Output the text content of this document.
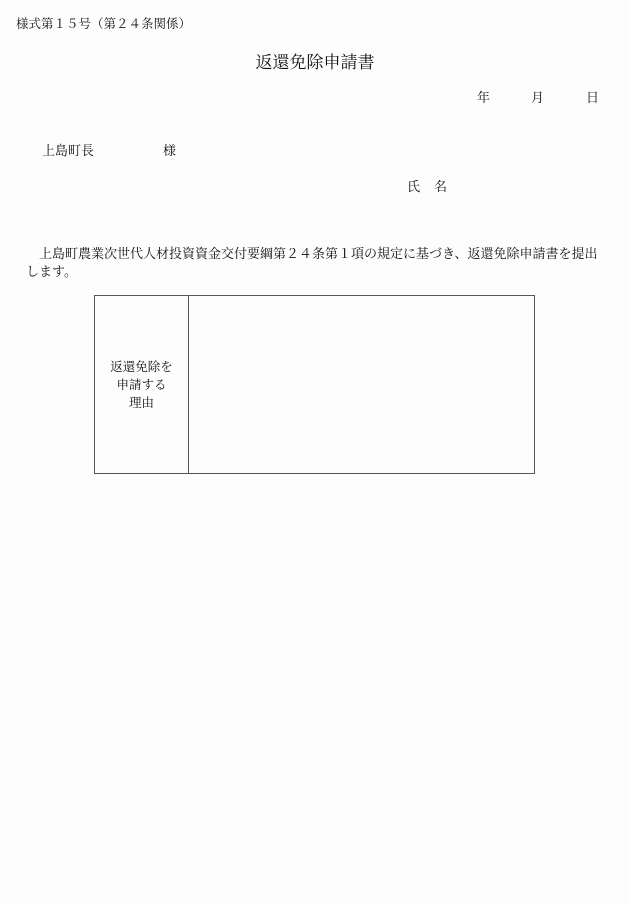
様式第１５号（第２４条関係）
返還免除申請書
年	月	日
上島町長	様
氏 名
上島町農業次世代人材投資資金交付要綱第２４条第１項の規定に基づき、返還免除申請書を提出します。
返還免除を
申請する
理由
